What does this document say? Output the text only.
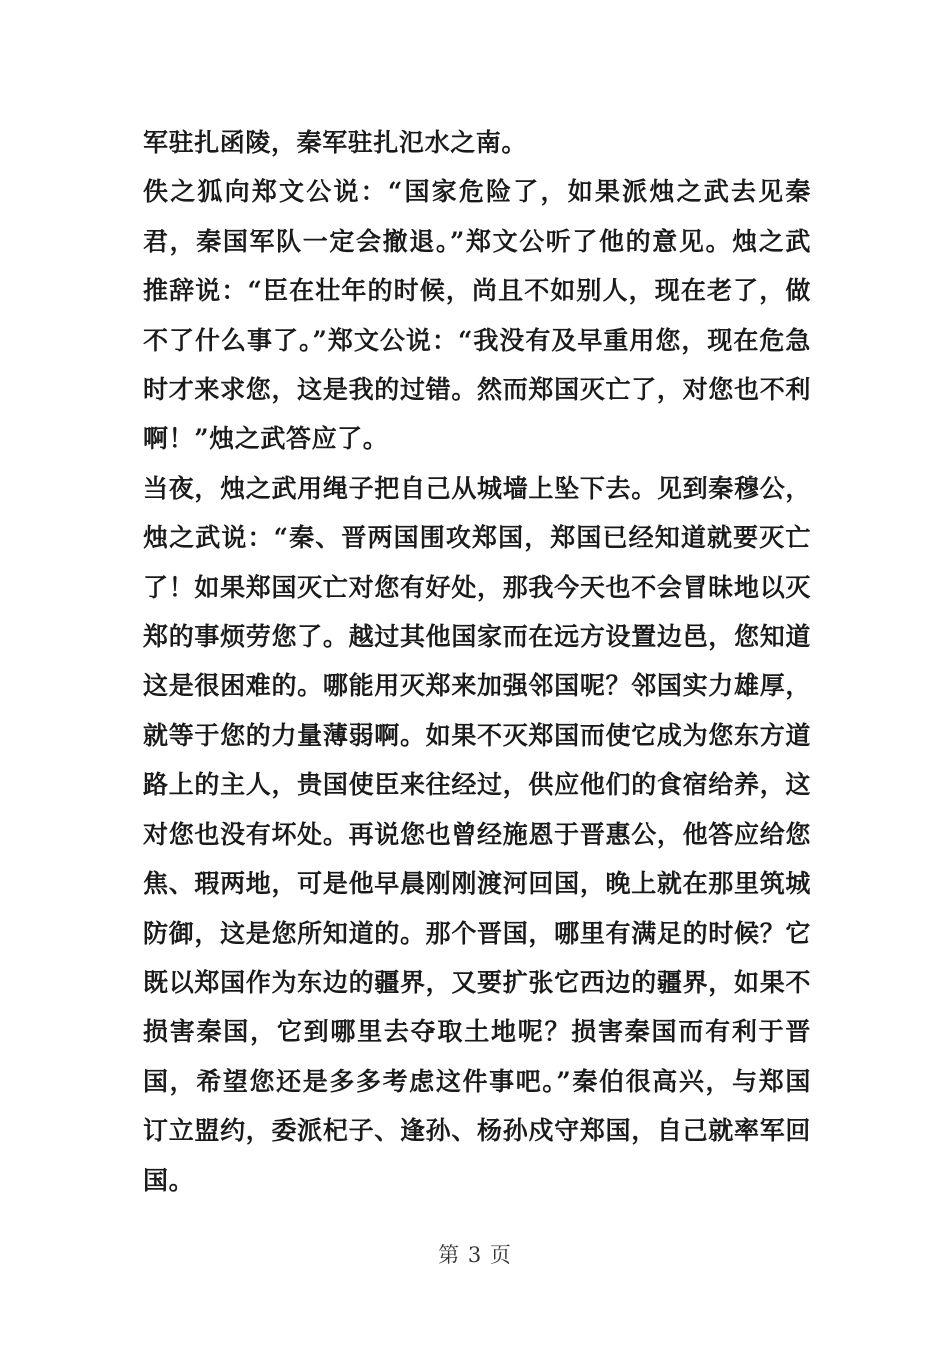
军驻扎函陵，秦军驻扎氾水之南。

佚之狐向郑文公说：“国家危险了，如果派烛之武去见秦君，秦国军队一定会撤退。”郑文公听了他的意见。烛之武推辞说：“臣在壮年的时候，尚且不如别人，现在老了，做不了什么事了。”郑文公说：“我没有及早重用您，现在危急时才来求您，这是我的过错。然而郑国灭亡了，对您也不利啊！”烛之武答应了。

当夜，烛之武用绳子把自己从城墙上坠下去。见到秦穆公，烛之武说：“秦、晋两国围攻郑国，郑国已经知道就要灭亡了！如果郑国灭亡对您有好处，那我今天也不会冒昧地以灭郑的事烦劳您了。越过其他国家而在远方设置边邑，您知道这是很困难的。哪能用灭郑来加强邻国呢？邻国实力雄厚，就等于您的力量薄弱啊。如果不灭郑国而使它成为您东方道路上的主人，贵国使臣来往经过，供应他们的食宿给养，这对您也没有坏处。再说您也曾经施恩于晋惠公，他答应给您焦、瑕两地，可是他早晨刚刚渡河回国，晚上就在那里筑城防御，这是您所知道的。那个晋国，哪里有满足的时候？它既以郑国作为东边的疆界，又要扩张它西边的疆界，如果不损害秦国，它到哪里去夺取土地呢？损害秦国而有利于晋国，希望您还是多多考虑这件事吧。”秦伯很高兴，与郑国订立盟约，委派杞子、逢孙、杨孙戍守郑国，自己就率军回国。

第 3 页
